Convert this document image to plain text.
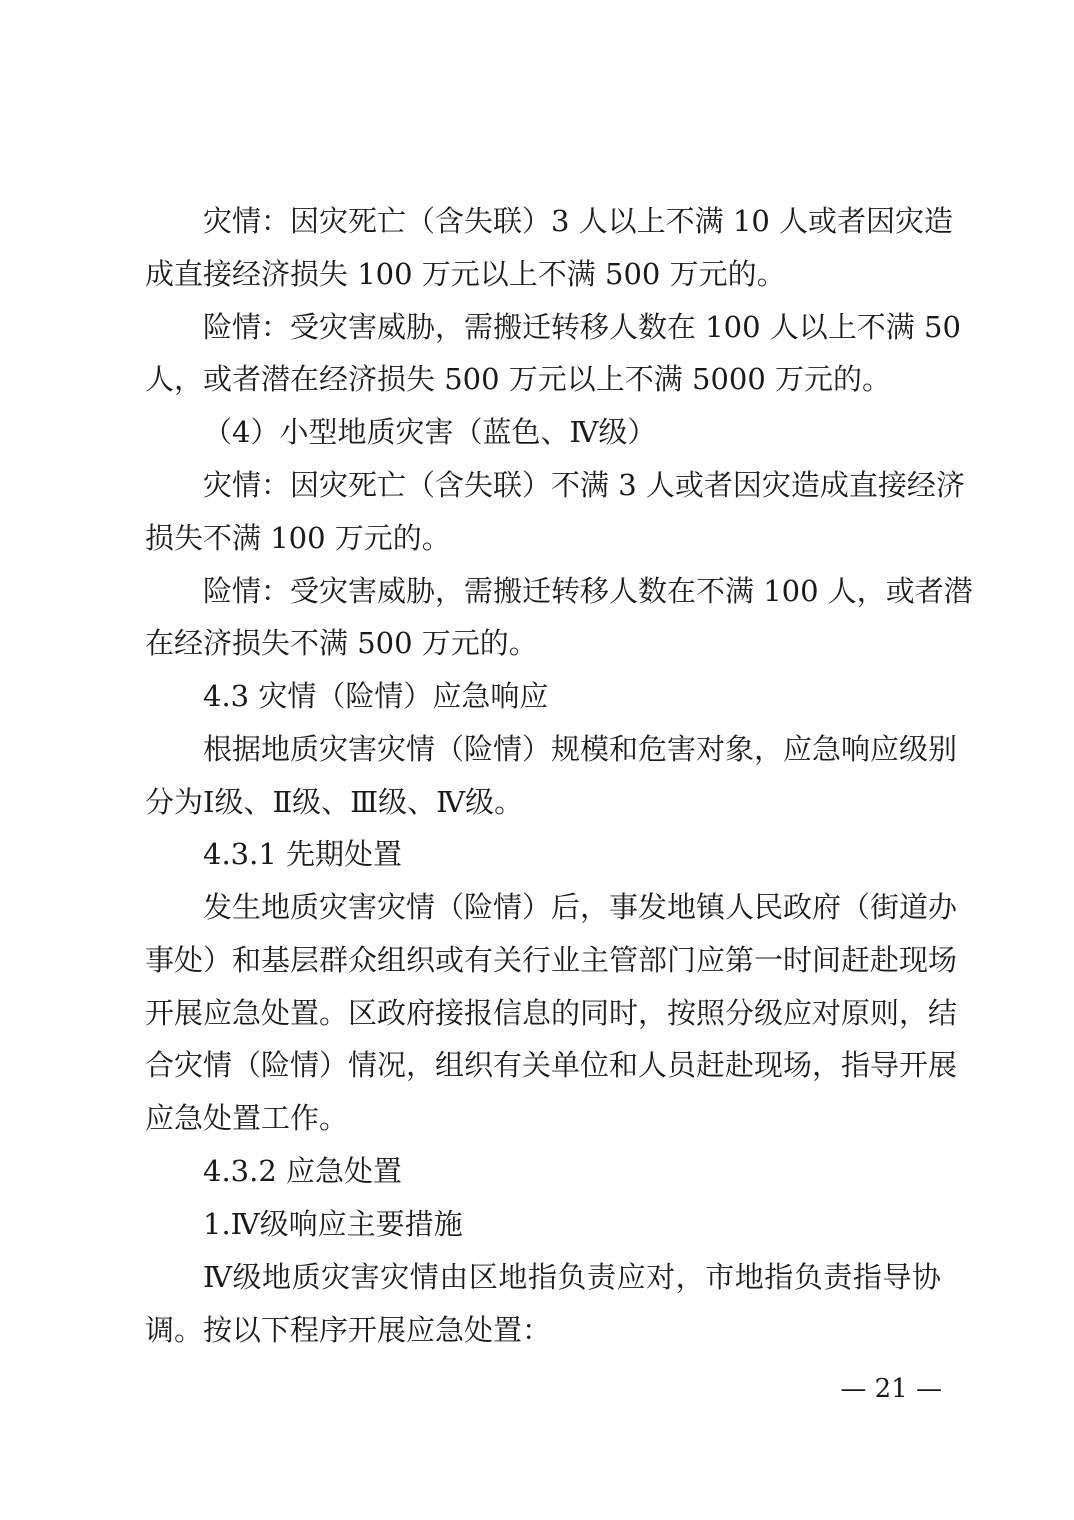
灾情：因灾死亡（含失联）3 人以上不满 10 人或者因灾造
成直接经济损失 100 万元以上不满 500 万元的。
险情：受灾害威胁，需搬迁转移人数在 100 人以上不满 50
人，或者潜在经济损失 500 万元以上不满 5000 万元的。
（4）小型地质灾害（蓝色、Ⅳ级）
灾情：因灾死亡（含失联）不满 3 人或者因灾造成直接经济
损失不满 100 万元的。
险情：受灾害威胁，需搬迁转移人数在不满 100 人，或者潜
在经济损失不满 500 万元的。
4.3 灾情（险情）应急响应
根据地质灾害灾情（险情）规模和危害对象，应急响应级别
分为Ⅰ级、Ⅱ级、Ⅲ级、Ⅳ级。
4.3.1 先期处置
发生地质灾害灾情（险情）后，事发地镇人民政府（街道办
事处）和基层群众组织或有关行业主管部门应第一时间赶赴现场
开展应急处置。区政府接报信息的同时，按照分级应对原则，结
合灾情（险情）情况，组织有关单位和人员赶赴现场，指导开展
应急处置工作。
4.3.2 应急处置
1.Ⅳ级响应主要措施
Ⅳ级地质灾害灾情由区地指负责应对，市地指负责指导协
调。按以下程序开展应急处置：
— 21 —
